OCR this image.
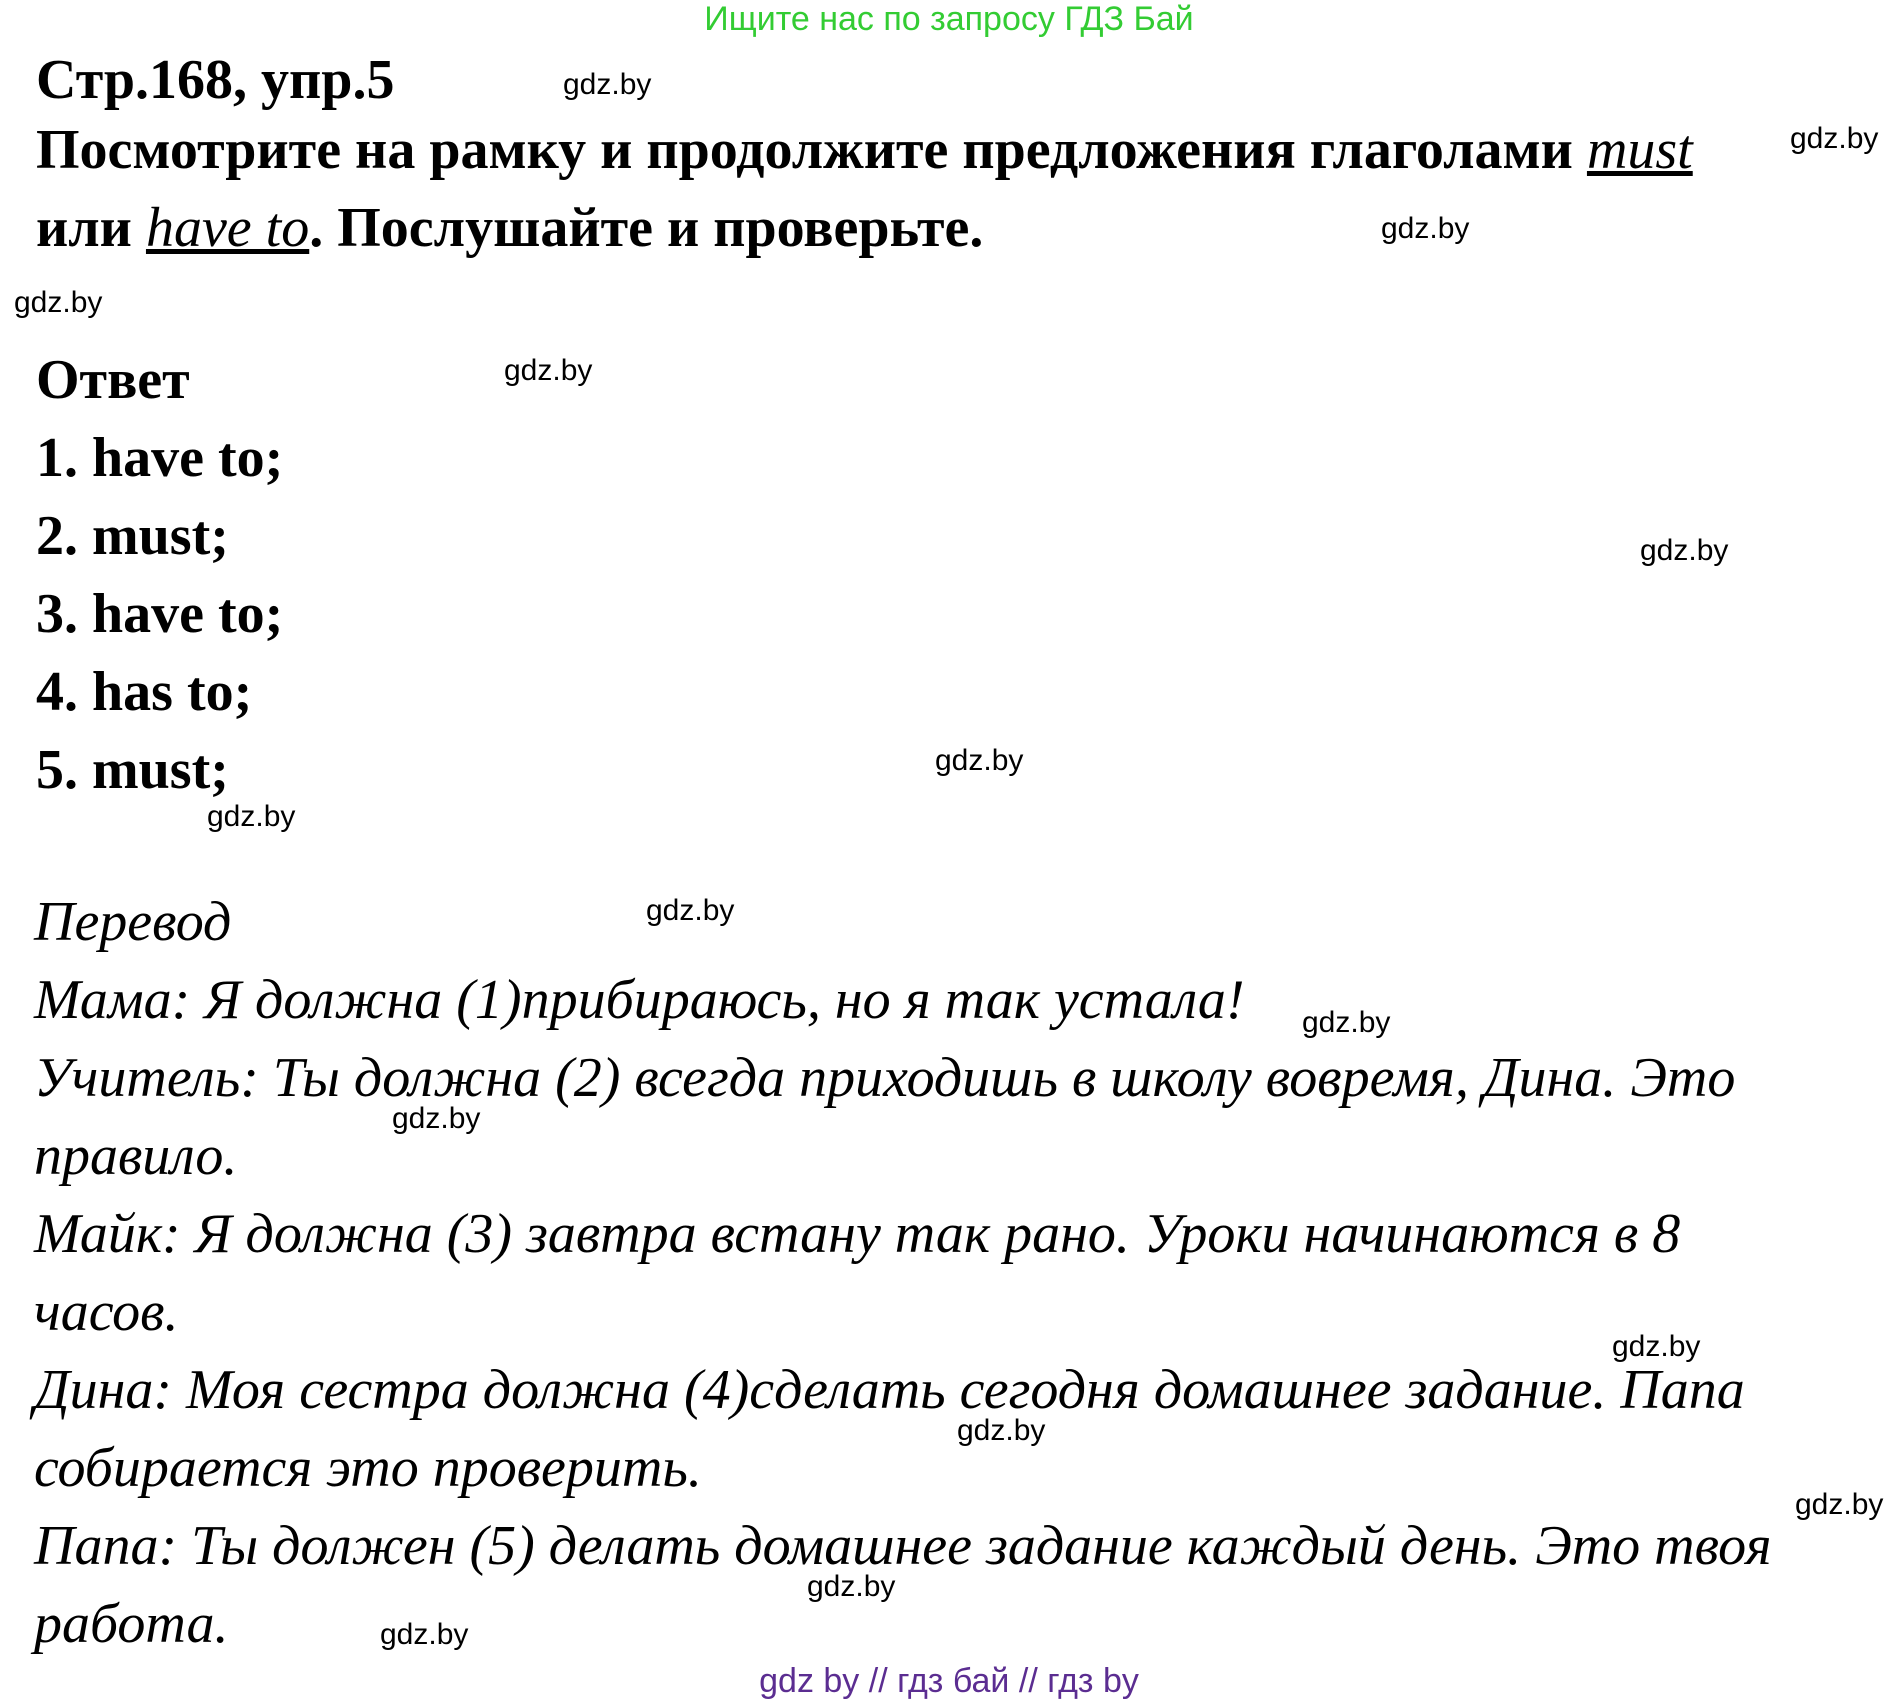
Ищите нас по запросу ГДЗ Бай
Стр.168, упр.5
Посмотрите на рамку и продолжите предложения глаголами must
или have to. Послушайте и проверьте.
Ответ
1. have to;
2. must;
3. have to;
4. has to;
5. must;
Перевод
Мама: Я должна (1)прибираюсь, но я так устала!
Учитель: Ты должна (2) всегда приходишь в школу вовремя, Дина. Это
правило.
Майк: Я должна (3) завтра встану так рано. Уроки начинаются в 8
часов.
Дина: Моя сестра должна (4)сделать сегодня домашнее задание. Папа
собирается это проверить.
Папа: Ты должен (5) делать домашнее задание каждый день. Это твоя
работа.
gdz.by
gdz.by
gdz.by
gdz.by
gdz.by
gdz.by
gdz.by
gdz.by
gdz.by
gdz.by
gdz.by
gdz.by
gdz.by
gdz.by
gdz.by
gdz.by
gdz by // гдз бай // гдз by
